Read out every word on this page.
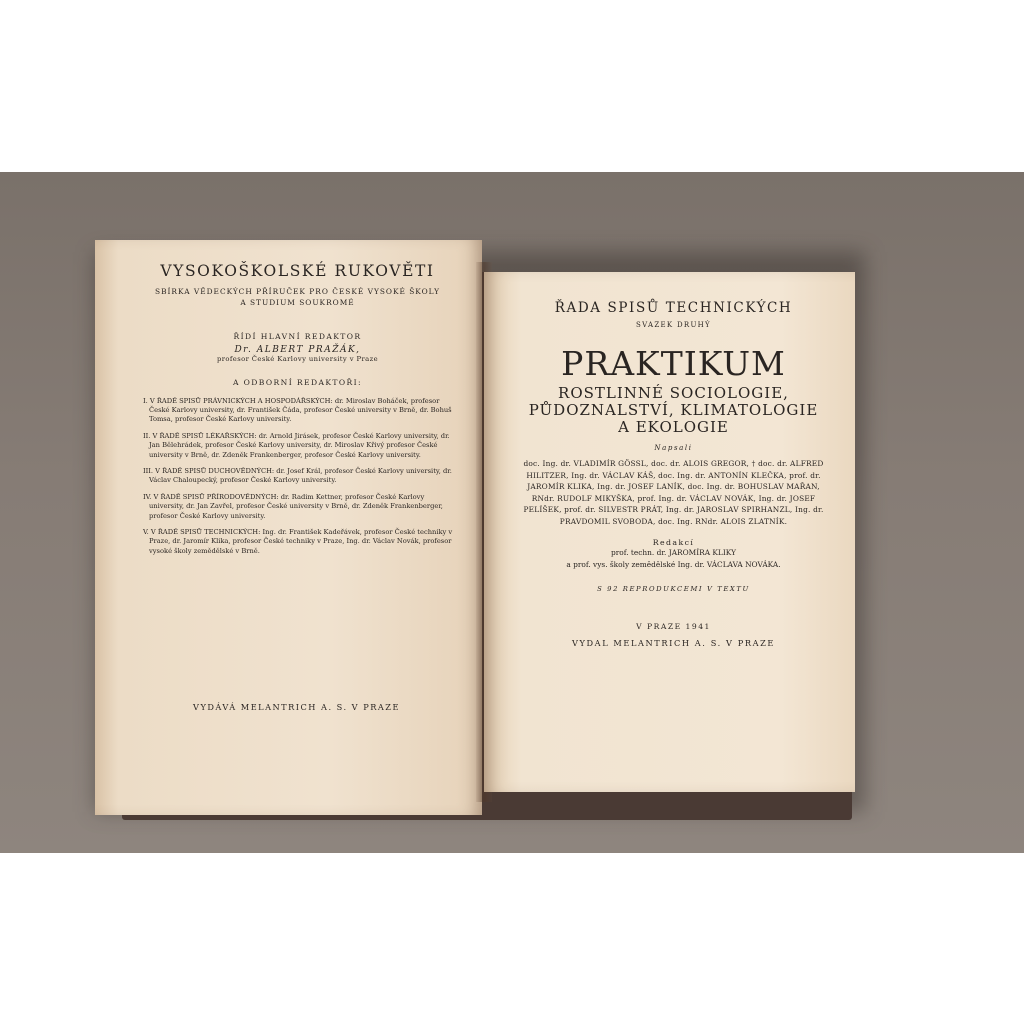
VYSOKOŠKOLSKÉ RUKOVĚTI
SBÍRKA VĚDECKÝCH PŘÍRUČEK PRO ČESKÉ VYSOKÉ ŠKOLY
A STUDIUM SOUKROMÉ
ŘÍDÍ HLAVNÍ REDAKTOR
Dr. ALBERT PRAŽÁK,
profesor České Karlovy university v Praze
A ODBORNÍ REDAKTOŘI:

I. V ŘADĚ SPISŮ PRÁVNICKÝCH A HOSPODÁŘSKÝCH: dr. Miroslav Boháček, profesor České Karlovy university, dr. František Čáda, profesor České university v Brně, dr. Bohuš Tomsa, profesor České Karlovy university.

II. V ŘADĚ SPISŮ LÉKAŘSKÝCH: dr. Arnold Jirásek, profesor České Karlovy university, dr. Jan Bělehrádek, profesor České Karlovy university, dr. Miroslav Křivý profesor České university v Brně, dr. Zdeněk Frankenberger, profesor České Karlovy university.

III. V ŘADĚ SPISŮ DUCHOVĚDNÝCH: dr. Josef Král, profesor České Karlovy university, dr. Václav Chaloupecký, profesor České Karlovy university.

IV. V ŘADĚ SPISŮ PŘÍRODOVĚDNÝCH: dr. Radim Kettner, profesor České Karlovy university, dr. Jan Zavřel, profesor České university v Brně, dr. Zdeněk Frankenberger, profesor České Karlovy university.

V. V ŘADĚ SPISŮ TECHNICKÝCH: Ing. dr. František Kadeřávek, profesor České techniky v Praze, dr. Jaromír Klika, profesor České techniky v Praze, Ing. dr. Václav Novák, profesor vysoké školy zemědělské v Brně.

VYDÁVÁ MELANTRICH A. S. V PRAZE
ŘADA SPISŮ TECHNICKÝCH
SVAZEK DRUHÝ
PRAKTIKUM
ROSTLINNÉ SOCIOLOGIE,
PŮDOZNALSTVÍ, KLIMATOLOGIE
A EKOLOGIE
Napsali
doc. Ing. dr. VLADIMÍR GÖSSL, doc. dr. ALOIS GREGOR, † doc. dr. ALFRED HILITZER, Ing. dr. VÁCLAV KÁŠ, doc. Ing. dr. ANTONÍN KLEČKA, prof. dr. JAROMÍR KLIKA, Ing. dr. JOSEF LANÍK, doc. Ing. dr. BOHUSLAV MAŘAN, RNdr. RUDOLF MIKYŠKA, prof. Ing. dr. VÁCLAV NOVÁK, Ing. dr. JOSEF PELÍŠEK, prof. dr. SILVESTR PRÁT, Ing. dr. JAROSLAV SPIRHANZL, Ing. dr. PRAVDOMIL SVOBODA, doc. Ing. RNdr. ALOIS ZLATNÍK.
Redakcí
prof. techn. dr. JAROMÍRA KLIKY
a prof. vys. školy zemědělské Ing. dr. VÁCLAVA NOVÁKA.
S 92 REPRODUKCEMI V TEXTU
V PRAZE 1941
VYDAL MELANTRICH A. S. V PRAZE
